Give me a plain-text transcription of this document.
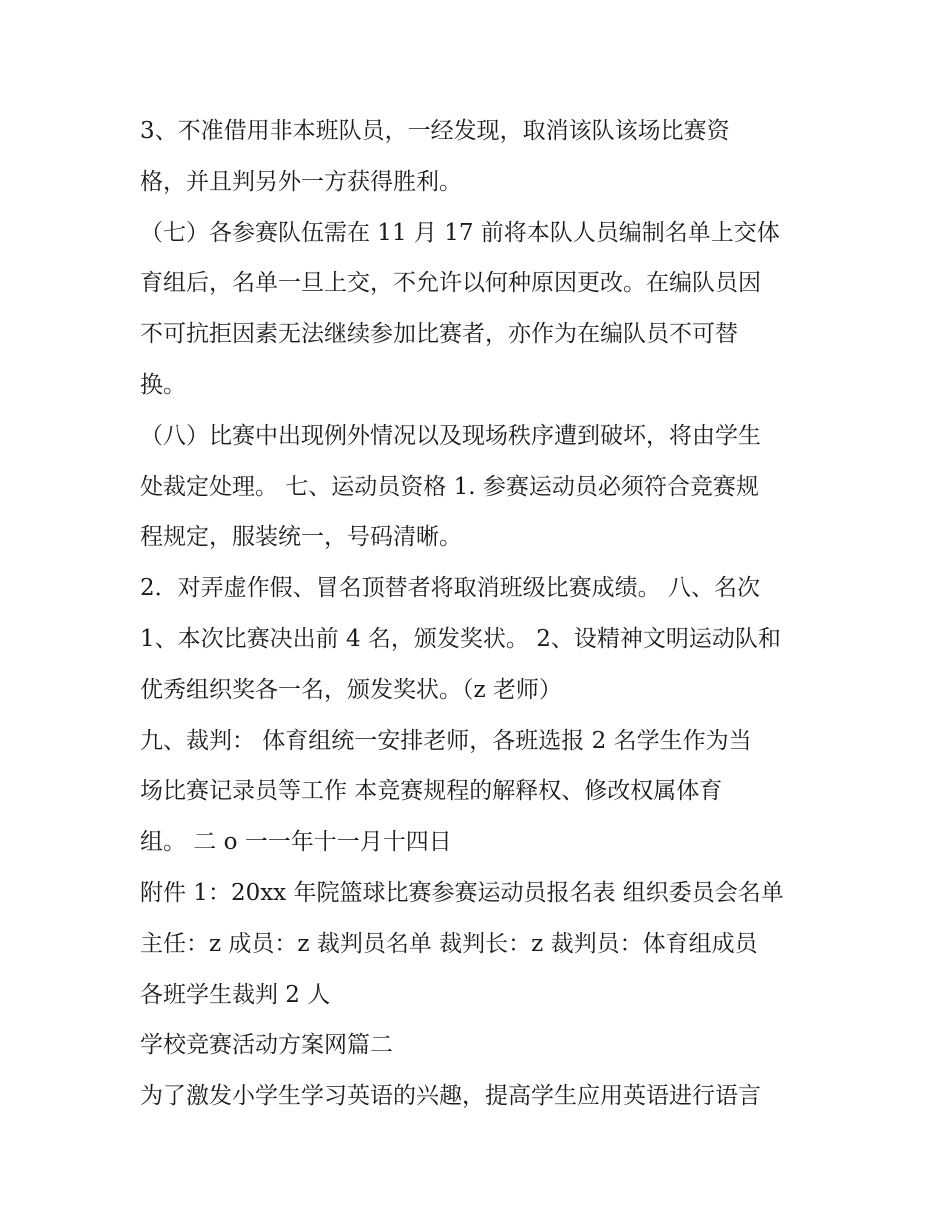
3、不准借用非本班队员，一经发现，取消该队该场比赛资
格，并且判另外一方获得胜利。
（七）各参赛队伍需在 11 月 17 前将本队人员编制名单上交体
育组后，名单一旦上交，不允许以何种原因更改。在编队员因
不可抗拒因素无法继续参加比赛者，亦作为在编队员不可替
换。
（八）比赛中出现例外情况以及现场秩序遭到破坏，将由学生
处裁定处理。 七、运动员资格 1. 参赛运动员必须符合竞赛规
程规定，服装统一，号码清晰。
2．对弄虚作假、冒名顶替者将取消班级比赛成绩。 八、名次
1、本次比赛决出前 4 名，颁发奖状。 2、设精神文明运动队和
优秀组织奖各一名，颁发奖状。（z 老师）
九、裁判： 体育组统一安排老师，各班选报 2 名学生作为当
场比赛记录员等工作 本竞赛规程的解释权、修改权属体育
组。 二 o 一一年十一月十四日
附件 1：20xx 年院篮球比赛参赛运动员报名表 组织委员会名单
主任：z 成员：z 裁判员名单 裁判长：z 裁判员：体育组成员
各班学生裁判 2 人
学校竞赛活动方案网篇二
为了激发小学生学习英语的兴趣，提高学生应用英语进行语言
